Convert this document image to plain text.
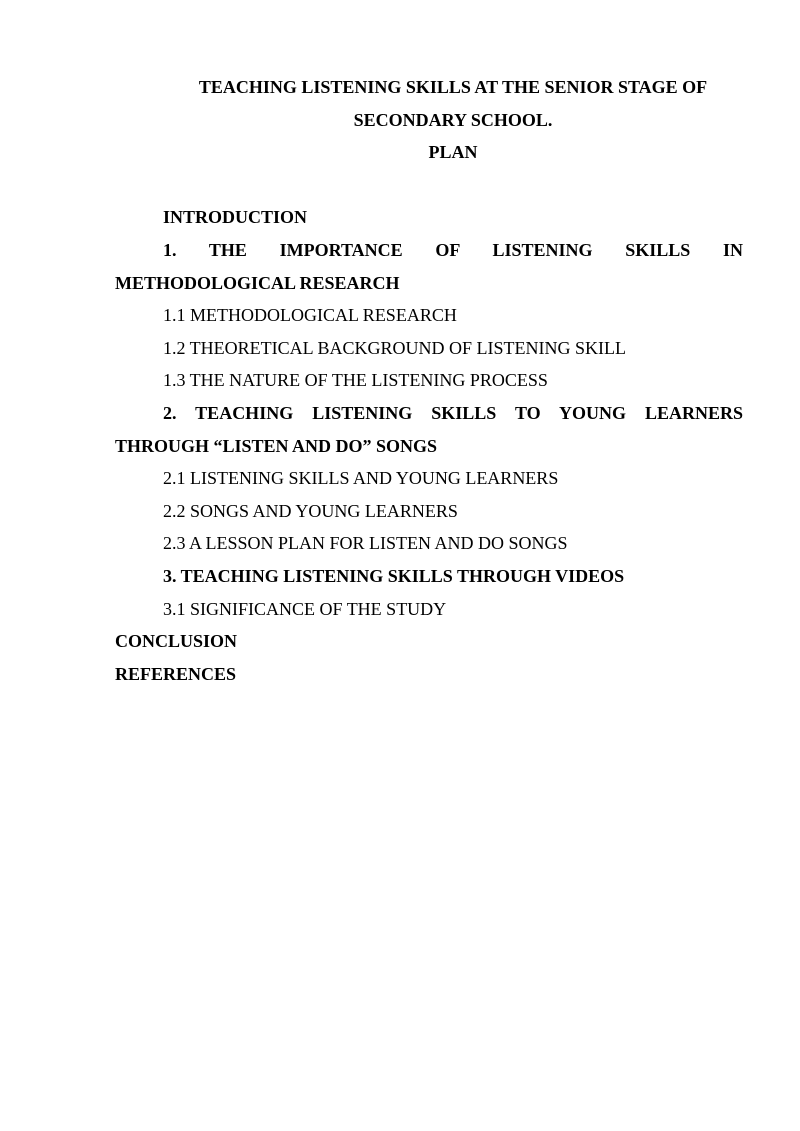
TEACHING LISTENING SKILLS AT THE SENIOR STAGE OF
SECONDARY SCHOOL.
PLAN

INTRODUCTION

1. THE IMPORTANCE OF LISTENING SKILLS IN
METHODOLOGICAL RESEARCH

1.1 METHODOLOGICAL RESEARCH

1.2 THEORETICAL BACKGROUND OF LISTENING SKILL

1.3 THE NATURE OF THE LISTENING PROCESS

2. TEACHING LISTENING SKILLS TO YOUNG LEARNERS
THROUGH “LISTEN AND DO” SONGS

2.1 LISTENING SKILLS AND YOUNG LEARNERS

2.2 SONGS AND YOUNG LEARNERS

2.3 A LESSON PLAN FOR LISTEN AND DO SONGS

3. TEACHING LISTENING SKILLS THROUGH VIDEOS

3.1 SIGNIFICANCE OF THE STUDY

CONCLUSION

REFERENCES
